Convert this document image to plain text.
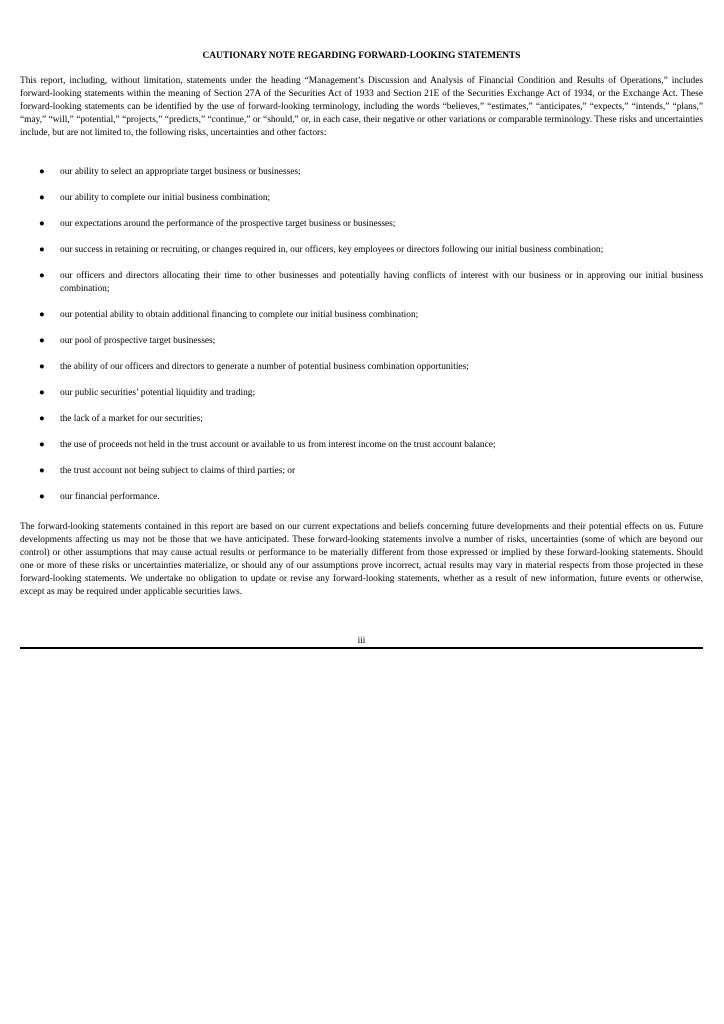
CAUTIONARY NOTE REGARDING FORWARD-LOOKING STATEMENTS

This report, including, without limitation, statements under the heading “Management’s Discussion and Analysis of Financial Condition and Results of Operations,” includes forward-looking statements within the meaning of Section 27A of the Securities Act of 1933 and Section 21E of the Securities Exchange Act of 1934, or the Exchange Act. These forward-looking statements can be identified by the use of forward-looking terminology, including the words “believes,” “estimates,” “anticipates,” “expects,” “intends,” “plans,” “may,” “will,” “potential,” “projects,” “predicts,” “continue,” or “should,” or, in each case, their negative or other variations or comparable terminology. These risks and uncertainties include, but are not limited to, the following risks, uncertainties and other factors:

● our ability to select an appropriate target business or businesses;
● our ability to complete our initial business combination;
● our expectations around the performance of the prospective target business or businesses;
● our success in retaining or recruiting, or changes required in, our officers, key employees or directors following our initial business combination;
● our officers and directors allocating their time to other businesses and potentially having conflicts of interest with our business or in approving our initial business combination;
● our potential ability to obtain additional financing to complete our initial business combination;
● our pool of prospective target businesses;
● the ability of our officers and directors to generate a number of potential business combination opportunities;
● our public securities’ potential liquidity and trading;
● the lack of a market for our securities;
● the use of proceeds not held in the trust account or available to us from interest income on the trust account balance;
● the trust account not being subject to claims of third parties; or
● our financial performance.

The forward-looking statements contained in this report are based on our current expectations and beliefs concerning future developments and their potential effects on us. Future developments affecting us may not be those that we have anticipated. These forward-looking statements involve a number of risks, uncertainties (some of which are beyond our control) or other assumptions that may cause actual results or performance to be materially different from those expressed or implied by these forward-looking statements. Should one or more of these risks or uncertainties materialize, or should any of our assumptions prove incorrect, actual results may vary in material respects from those projected in these forward-looking statements. We undertake no obligation to update or revise any forward-looking statements, whether as a result of new information, future events or otherwise, except as may be required under applicable securities laws.

iii
